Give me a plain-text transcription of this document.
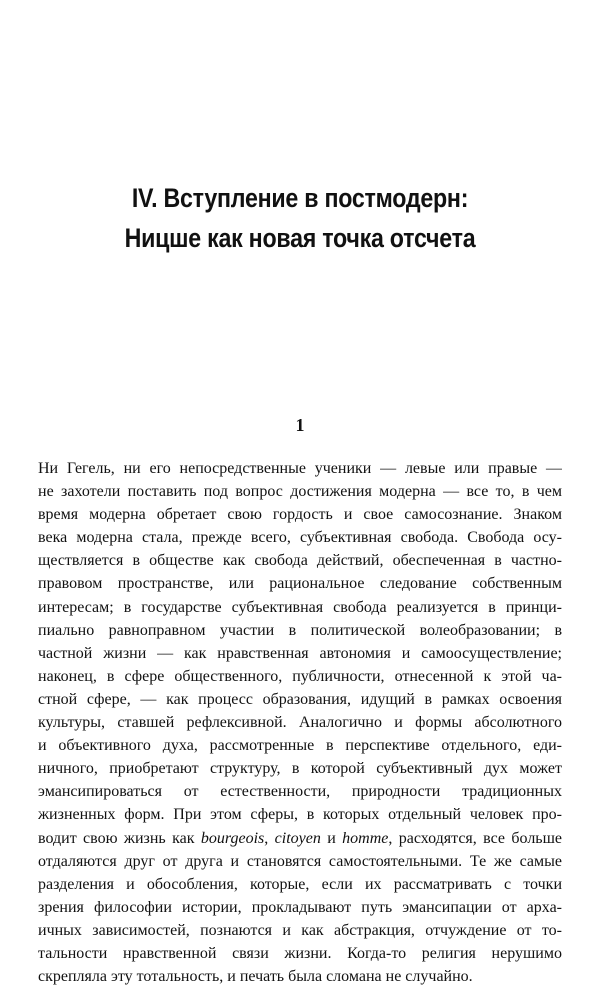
IV. Вступление в постмодерн:
Ницше как новая точка отсчета
1
Ни Гегель, ни его непосредственные ученики — левые или правые —
не захотели поставить под вопрос достижения модерна — все то, в чем
время модерна обретает свою гордость и свое самосознание. Знаком
века модерна стала, прежде всего, субъективная свобода. Свобода осу-
ществляется в обществе как свобода действий, обеспеченная в частно-
правовом пространстве, или рациональное следование собственным
интересам; в государстве субъективная свобода реализуется в принци-
пиально равноправном участии в политической волеобразовании; в
частной жизни — как нравственная автономия и самоосуществление;
наконец, в сфере общественного, публичности, отнесенной к этой ча-
стной сфере, — как процесс образования, идущий в рамках освоения
культуры, ставшей рефлексивной. Аналогично и формы абсолютного
и объективного духа, рассмотренные в перспективе отдельного, еди-
ничного, приобретают структуру, в которой субъективный дух может
эмансипироваться от естественности, природности традиционных
жизненных форм. При этом сферы, в которых отдельный человек про-
водит свою жизнь как bourgeois, citoyen и homme, расходятся, все больше
отдаляются друг от друга и становятся самостоятельными. Те же самые
разделения и обособления, которые, если их рассматривать с точки
зрения философии истории, прокладывают путь эмансипации от арха-
ичных зависимостей, познаются и как абстракция, отчуждение от то-
тальности нравственной связи жизни. Когда-то религия нерушимо
скрепляла эту тотальность, и печать была сломана не случайно.
